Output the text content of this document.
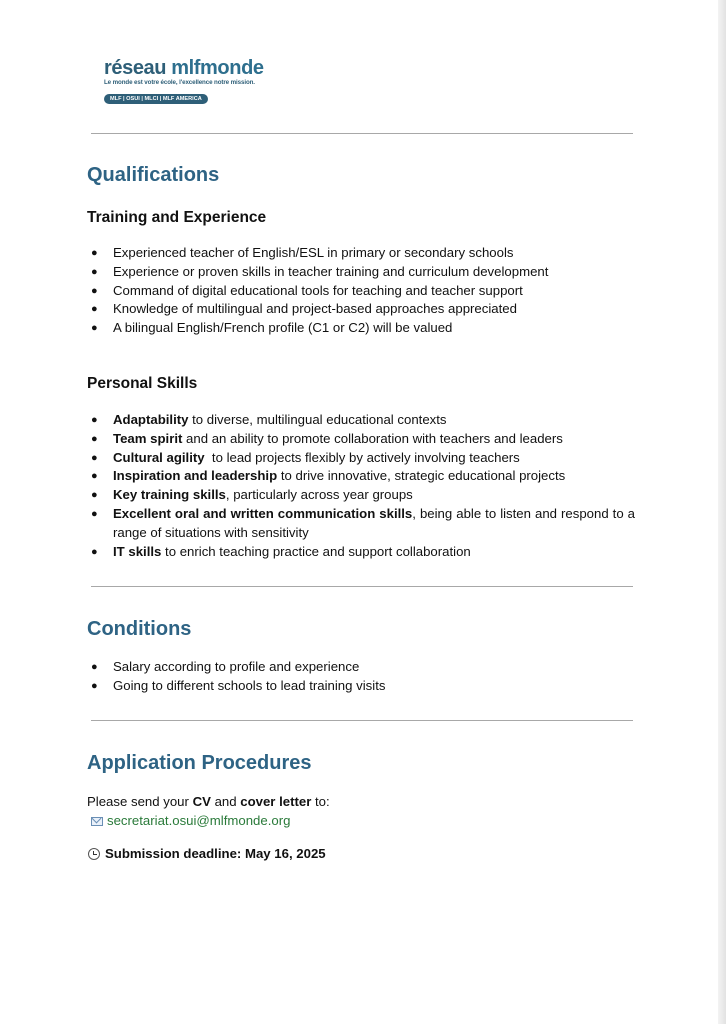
réseau mlfmonde
Le monde est votre école, l'excellence notre mission.
MLF | OSUI | MLCI | MLF AMERICA
Qualifications
Training and Experience
● Experienced teacher of English/ESL in primary or secondary schools
● Experience or proven skills in teacher training and curriculum development
● Command of digital educational tools for teaching and teacher support
● Knowledge of multilingual and project-based approaches appreciated
● A bilingual English/French profile (C1 or C2) will be valued
Personal Skills
● Adaptability to diverse, multilingual educational contexts
● Team spirit and an ability to promote collaboration with teachers and leaders
● Cultural agility  to lead projects flexibly by actively involving teachers
● Inspiration and leadership to drive innovative, strategic educational projects
● Key training skills, particularly across year groups
● Excellent oral and written communication skills, being able to listen and respond to a range of situations with sensitivity
● IT skills to enrich teaching practice and support collaboration
Conditions
● Salary according to profile and experience
● Going to different schools to lead training visits
Application Procedures
Please send your CV and cover letter to:
secretariat.osui@mlfmonde.org
Submission deadline: May 16, 2025
